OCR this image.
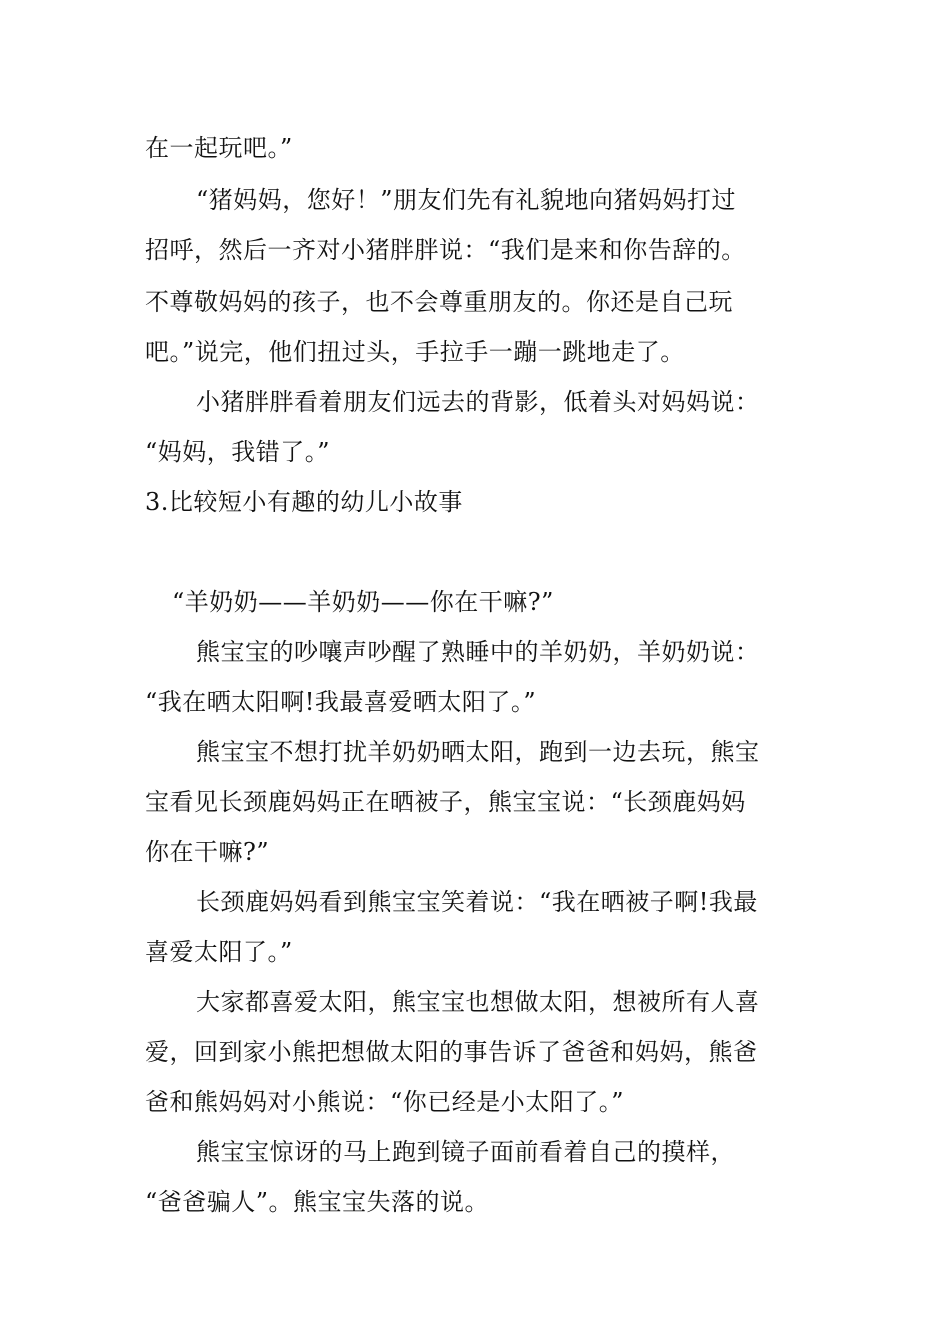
在一起玩吧。”
“猪妈妈，您好！”朋友们先有礼貌地向猪妈妈打过
招呼，然后一齐对小猪胖胖说：“我们是来和你告辞的。
不尊敬妈妈的孩子，也不会尊重朋友的。你还是自己玩
吧。”说完，他们扭过头，手拉手一蹦一跳地走了。
小猪胖胖看着朋友们远去的背影，低着头对妈妈说：
“妈妈，我错了。”
3.比较短小有趣的幼儿小故事
“羊奶奶——羊奶奶——你在干嘛?”
熊宝宝的吵嚷声吵醒了熟睡中的羊奶奶，羊奶奶说：
“我在晒太阳啊!我最喜爱晒太阳了。”
熊宝宝不想打扰羊奶奶晒太阳，跑到一边去玩，熊宝
宝看见长颈鹿妈妈正在晒被子，熊宝宝说：“长颈鹿妈妈
你在干嘛?”
长颈鹿妈妈看到熊宝宝笑着说：“我在晒被子啊!我最
喜爱太阳了。”
大家都喜爱太阳，熊宝宝也想做太阳，想被所有人喜
爱，回到家小熊把想做太阳的事告诉了爸爸和妈妈，熊爸
爸和熊妈妈对小熊说：“你已经是小太阳了。”
熊宝宝惊讶的马上跑到镜子面前看着自己的摸样，
“爸爸骗人”。熊宝宝失落的说。
